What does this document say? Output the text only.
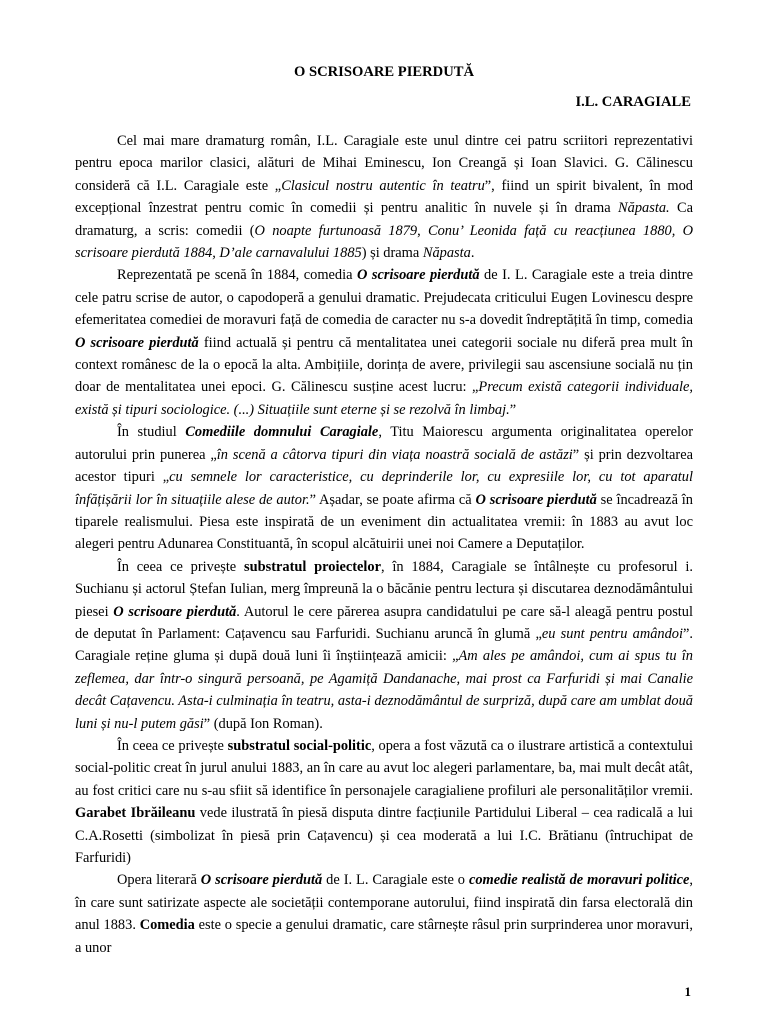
O SCRISOARE PIERDUTĂ
I.L. CARAGIALE

Cel mai mare dramaturg român, I.L. Caragiale este unul dintre cei patru scriitori reprezentativi pentru epoca marilor clasici, alături de Mihai Eminescu, Ion Creangă și Ioan Slavici. G. Călinescu consideră că I.L. Caragiale este „Clasicul nostru autentic în teatru”, fiind un spirit bivalent, în mod excepțional înzestrat pentru comic în comedii și pentru analitic în nuvele și în drama Năpasta. Ca dramaturg, a scris: comedii (O noapte furtunoasă 1879, Conu’ Leonida față cu reacțiunea 1880, O scrisoare pierdută 1884, D’ale carnavalului 1885) și drama Năpasta.

Reprezentată pe scenă în 1884, comedia O scrisoare pierdută de I. L. Caragiale este a treia dintre cele patru scrise de autor, o capodoperă a genului dramatic. Prejudecata criticului Eugen Lovinescu despre efemeritatea comediei de moravuri față de comedia de caracter nu s-a dovedit îndreptățită în timp, comedia O scrisoare pierdută fiind actuală și pentru că mentalitatea unei categorii sociale nu diferă prea mult în context românesc de la o epocă la alta. Ambițiile, dorința de avere, privilegii sau ascensiune socială nu țin doar de mentalitatea unei epoci. G. Călinescu susține acest lucru: „Precum există categorii individuale, există și tipuri sociologice. (...) Situațiile sunt eterne și se rezolvă în limbaj.”

În studiul Comediile domnului Caragiale, Titu Maiorescu argumenta originalitatea operelor autorului prin punerea „în scenă a câtorva tipuri din viața noastră socială de astăzi” și prin dezvoltarea acestor tipuri „cu semnele lor caracteristice, cu deprinderile lor, cu expresiile lor, cu tot aparatul înfățișării lor în situațiile alese de autor.” Așadar, se poate afirma că O scrisoare pierdută se încadrează în tiparele realismului. Piesa este inspirată de un eveniment din actualitatea vremii: în 1883 au avut loc alegeri pentru Adunarea Constituantă, în scopul alcătuirii unei noi Camere a Deputaților.

În ceea ce privește substratul proiectelor, în 1884, Caragiale se întâlnește cu profesorul i. Suchianu și actorul Ștefan Iulian, merg împreună la o băcănie pentru lectura și discutarea deznodământului piesei O scrisoare pierdută. Autorul le cere părerea asupra candidatului pe care să-l aleagă pentru postul de deputat în Parlament: Cațavencu sau Farfuridi. Suchianu aruncă în glumă „eu sunt pentru amândoi”. Caragiale reține gluma și după două luni îi înștiințează amicii: „Am ales pe amândoi, cum ai spus tu în zeflemea, dar într-o singură persoană, pe Agamiță Dandanache, mai prost ca Farfuridi și mai Canalie decât Cațavencu. Asta-i culminația în teatru, asta-i deznodământul de surpriză, după care am umblat două luni și nu-l putem găsi” (după Ion Roman).

În ceea ce privește substratul social-politic, opera a fost văzută ca o ilustrare artistică a contextului social-politic creat în jurul anului 1883, an în care au avut loc alegeri parlamentare, ba, mai mult decât atât, au fost critici care nu s-au sfiit să identifice în personajele caragialiene profiluri ale personalităților vremii. Garabet Ibrăileanu vede ilustrată în piesă disputa dintre facțiunile Partidului Liberal – cea radicală a lui C.A.Rosetti (simbolizat în piesă prin Cațavencu) și cea moderată a lui I.C. Brătianu (întruchipat de Farfuridi)

Opera literară O scrisoare pierdută de I. L. Caragiale este o comedie realistă de moravuri politice, în care sunt satirizate aspecte ale societății contemporane autorului, fiind inspirată din farsa electorală din anul 1883. Comedia este o specie a genului dramatic, care stârnește râsul prin surprinderea unor moravuri, a unor

1
